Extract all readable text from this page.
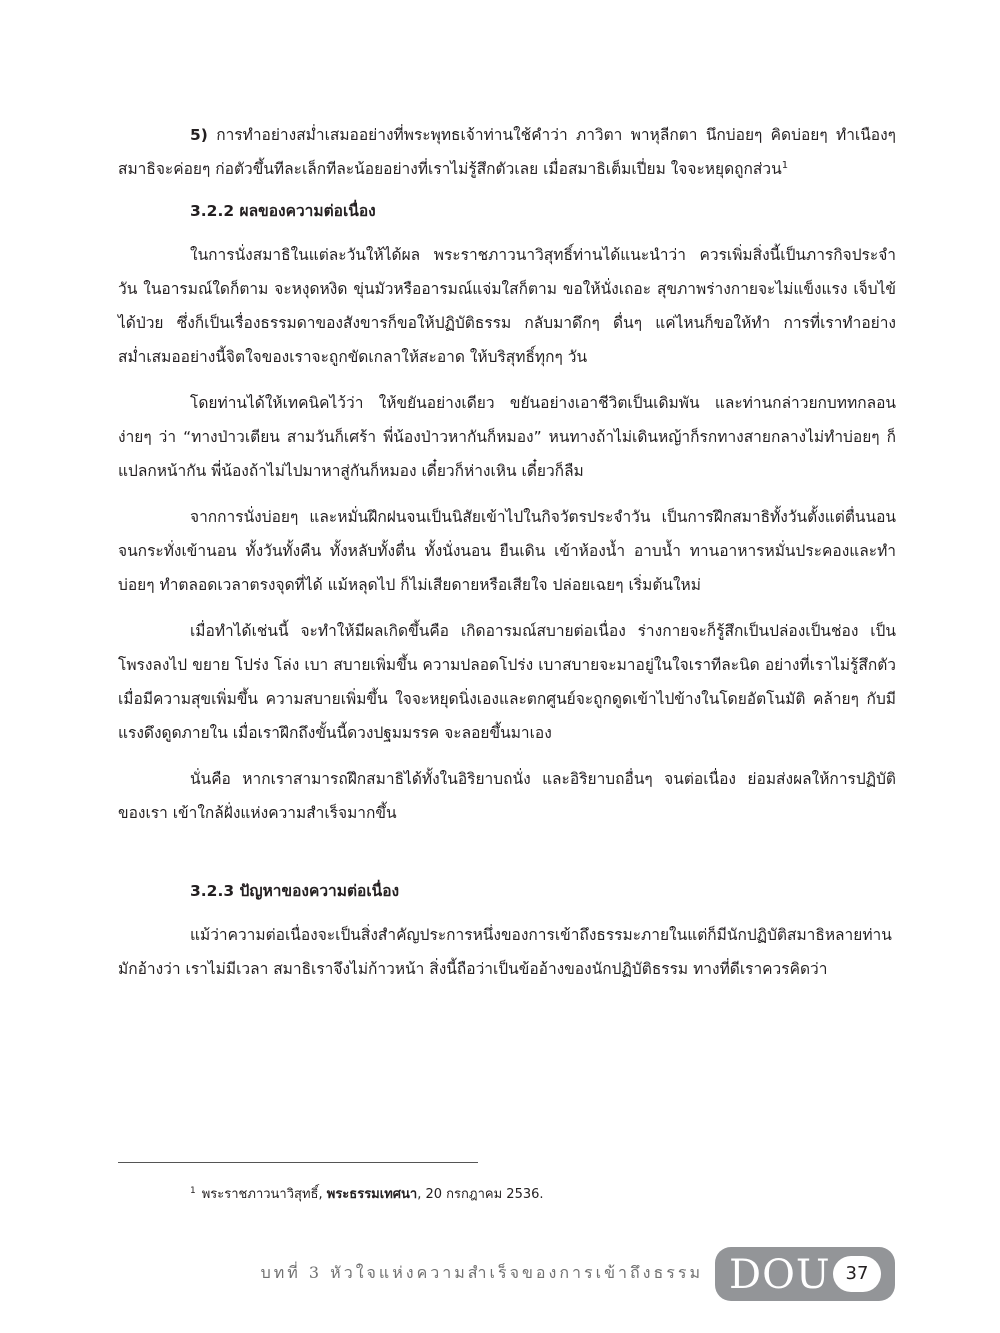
5) การทำอย่างสม่ำเสมออย่างที่พระพุทธเจ้าท่านใช้คำว่า ภาวิตา พาหุลีกตา นึกบ่อยๆ คิดบ่อยๆ ทำเนืองๆ สมาธิจะค่อยๆ ก่อตัวขึ้นทีละเล็กทีละน้อยอย่างที่เราไม่รู้สึกตัวเลย เมื่อสมาธิเต็มเปี่ยม ใจจะหยุดถูกส่วน$^1$

3.2.2 ผลของความต่อเนื่อง

ในการนั่งสมาธิในแต่ละวันให้ได้ผล พระราชภาวนาวิสุทธิ์ท่านได้แนะนำว่า ควรเพิ่มสิ่งนี้เป็นภารกิจประจำวัน ในอารมณ์ใดก็ตาม จะหงุดหงิด ขุ่นมัวหรืออารมณ์แจ่มใสก็ตาม ขอให้นั่งเถอะ สุขภาพร่างกายจะไม่แข็งแรง เจ็บไข้ได้ป่วย ซึ่งก็เป็นเรื่องธรรมดาของสังขารก็ขอให้ปฏิบัติธรรม กลับมาดึกๆ ดื่นๆ แค่ไหนก็ขอให้ทำ การที่เราทำอย่างสม่ำเสมออย่างนี้จิตใจของเราจะถูกขัดเกลาให้สะอาด ให้บริสุทธิ์ทุกๆ วัน

โดยท่านได้ให้เทคนิคไว้ว่า ให้ขยันอย่างเดียว ขยันอย่างเอาชีวิตเป็นเดิมพัน และท่านกล่าวยกบททกลอนง่ายๆ ว่า “ทางป่าวเตียน สามวันก็เศร้า พี่น้องป่าวหากันก็หมอง” หนทางถ้าไม่เดินหญ้าก็รกทางสายกลางไม่ทำบ่อยๆ ก็แปลกหน้ากัน พี่น้องถ้าไม่ไปมาหาสู่กันก็หมอง เดี๋ยวก็ห่างเหิน เดี๋ยวก็ลืม

จากการนั่งบ่อยๆ และหมั่นฝึกฝนจนเป็นนิสัยเข้าไปในกิจวัตรประจำวัน เป็นการฝึกสมาธิทั้งวันตั้งแต่ตื่นนอนจนกระทั่งเข้านอน ทั้งวันทั้งคืน ทั้งหลับทั้งตื่น ทั้งนั่งนอน ยืนเดิน เข้าห้องน้ำ อาบน้ำ ทานอาหารหมั่นประคองและทำบ่อยๆ ทำตลอดเวลาตรงจุดที่ได้ แม้หลุดไป ก็ไม่เสียดายหรือเสียใจ ปล่อยเฉยๆ เริ่มต้นใหม่

เมื่อทำได้เช่นนี้ จะทำให้มีผลเกิดขึ้นคือ เกิดอารมณ์สบายต่อเนื่อง ร่างกายจะก็รู้สึกเป็นปล่องเป็นช่อง เป็นโพรงลงไป ขยาย โปร่ง โล่ง เบา สบายเพิ่มขึ้น ความปลอดโปร่ง เบาสบายจะมาอยู่ในใจเราทีละนิด อย่างที่เราไม่รู้สึกตัว เมื่อมีความสุขเพิ่มขึ้น ความสบายเพิ่มขึ้น ใจจะหยุดนิ่งเองและตกศูนย์จะถูกดูดเข้าไปข้างในโดยอัตโนมัติ คล้ายๆ กับมีแรงดึงดูดภายใน เมื่อเราฝึกถึงขั้นนี้ดวงปฐมมรรค จะลอยขึ้นมาเอง

นั่นคือ หากเราสามารถฝึกสมาธิได้ทั้งในอิริยาบถนั่ง และอิริยาบถอื่นๆ จนต่อเนื่อง ย่อมส่งผลให้การปฏิบัติของเรา เข้าใกล้ฝั่งแห่งความสำเร็จมากขึ้น

3.2.3 ปัญหาของความต่อเนื่อง

แม้ว่าความต่อเนื่องจะเป็นสิ่งสำคัญประการหนึ่งของการเข้าถึงธรรมะภายในแต่ก็มีนักปฏิบัติสมาธิหลายท่าน มักอ้างว่า เราไม่มีเวลา สมาธิเราจึงไม่ก้าวหน้า สิ่งนี้ถือว่าเป็นข้ออ้างของนักปฏิบัติธรรม ทางที่ดีเราควรคิดว่า

$^1$ พระราชภาวนาวิสุทธิ์, พระธรรมเทศนา, 20 กรกฎาคม 2536.
บทที่ 3 หัวใจแห่งความสำเร็จของการเข้าถึงธรรม DOU 37
